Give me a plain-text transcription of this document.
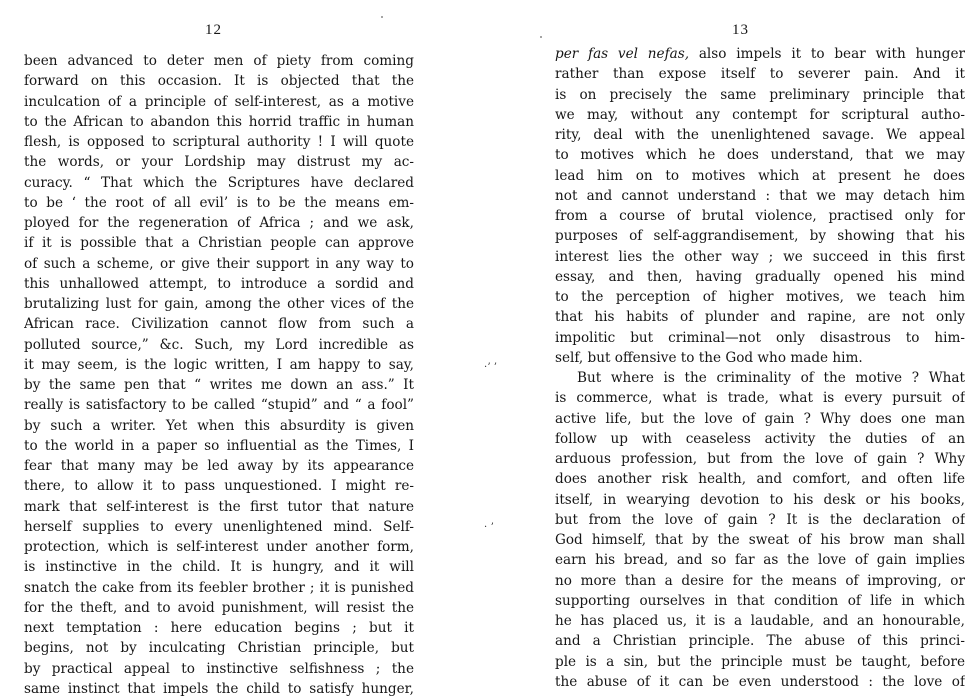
12
been advanced to deter men of piety from coming
forward on this occasion. It is objected that the
inculcation of a principle of self-interest, as a motive
to the African to abandon this horrid traffic in human
flesh, is opposed to scriptural authority ! I will quote
the words, or your Lordship may distrust my ac-
curacy. “ That which the Scriptures have declared
to be ‘ the root of all evil’ is to be the means em-
ployed for the regeneration of Africa ; and we ask,
if it is possible that a Christian people can approve
of such a scheme, or give their support in any way to
this unhallowed attempt, to introduce a sordid and
brutalizing lust for gain, among the other vices of the
African race. Civilization cannot flow from such a
polluted source,” &c. Such, my Lord incredible as
it may seem, is the logic written, I am happy to say,
by the same pen that “ writes me down an ass.” It
really is satisfactory to be called “stupid” and “ a fool”
by such a writer. Yet when this absurdity is given
to the world in a paper so influential as the Times, I
fear that many may be led away by its appearance
there, to allow it to pass unquestioned. I might re-
mark that self-interest is the first tutor that nature
herself supplies to every unenlightened mind. Self-
protection, which is self-interest under another form,
is instinctive in the child. It is hungry, and it will
snatch the cake from its feebler brother ; it is punished
for the theft, and to avoid punishment, will resist the
next temptation : here education begins ; but it
begins, not by inculcating Christian principle, but
by practical appeal to instinctive selfishness ; the
same instinct that impels the child to satisfy hunger,
·ʼ ʼ
· ʼ
13
per fas vel nefas, also impels it to bear with hunger
rather than expose itself to severer pain. And it
is on precisely the same preliminary principle that
we may, without any contempt for scriptural autho-
rity, deal with the unenlightened savage. We appeal
to motives which he does understand, that we may
lead him on to motives which at present he does
not and cannot understand : that we may detach him
from a course of brutal violence, practised only for
purposes of self-aggrandisement, by showing that his
interest lies the other way ; we succeed in this first
essay, and then, having gradually opened his mind
to the perception of higher motives, we teach him
that his habits of plunder and rapine, are not only
impolitic but criminal—not only disastrous to him-
self, but offensive to the God who made him.
But where is the criminality of the motive ? What
is commerce, what is trade, what is every pursuit of
active life, but the love of gain ? Why does one man
follow up with ceaseless activity the duties of an
arduous profession, but from the love of gain ? Why
does another risk health, and comfort, and often life
itself, in wearying devotion to his desk or his books,
but from the love of gain ? It is the declaration of
God himself, that by the sweat of his brow man shall
earn his bread, and so far as the love of gain implies
no more than a desire for the means of improving, or
supporting ourselves in that condition of life in which
he has placed us, it is a laudable, and an honourable,
and a Christian principle. The abuse of this princi-
ple is a sin, but the principle must be taught, before
the abuse of it can be even understood : the love of
